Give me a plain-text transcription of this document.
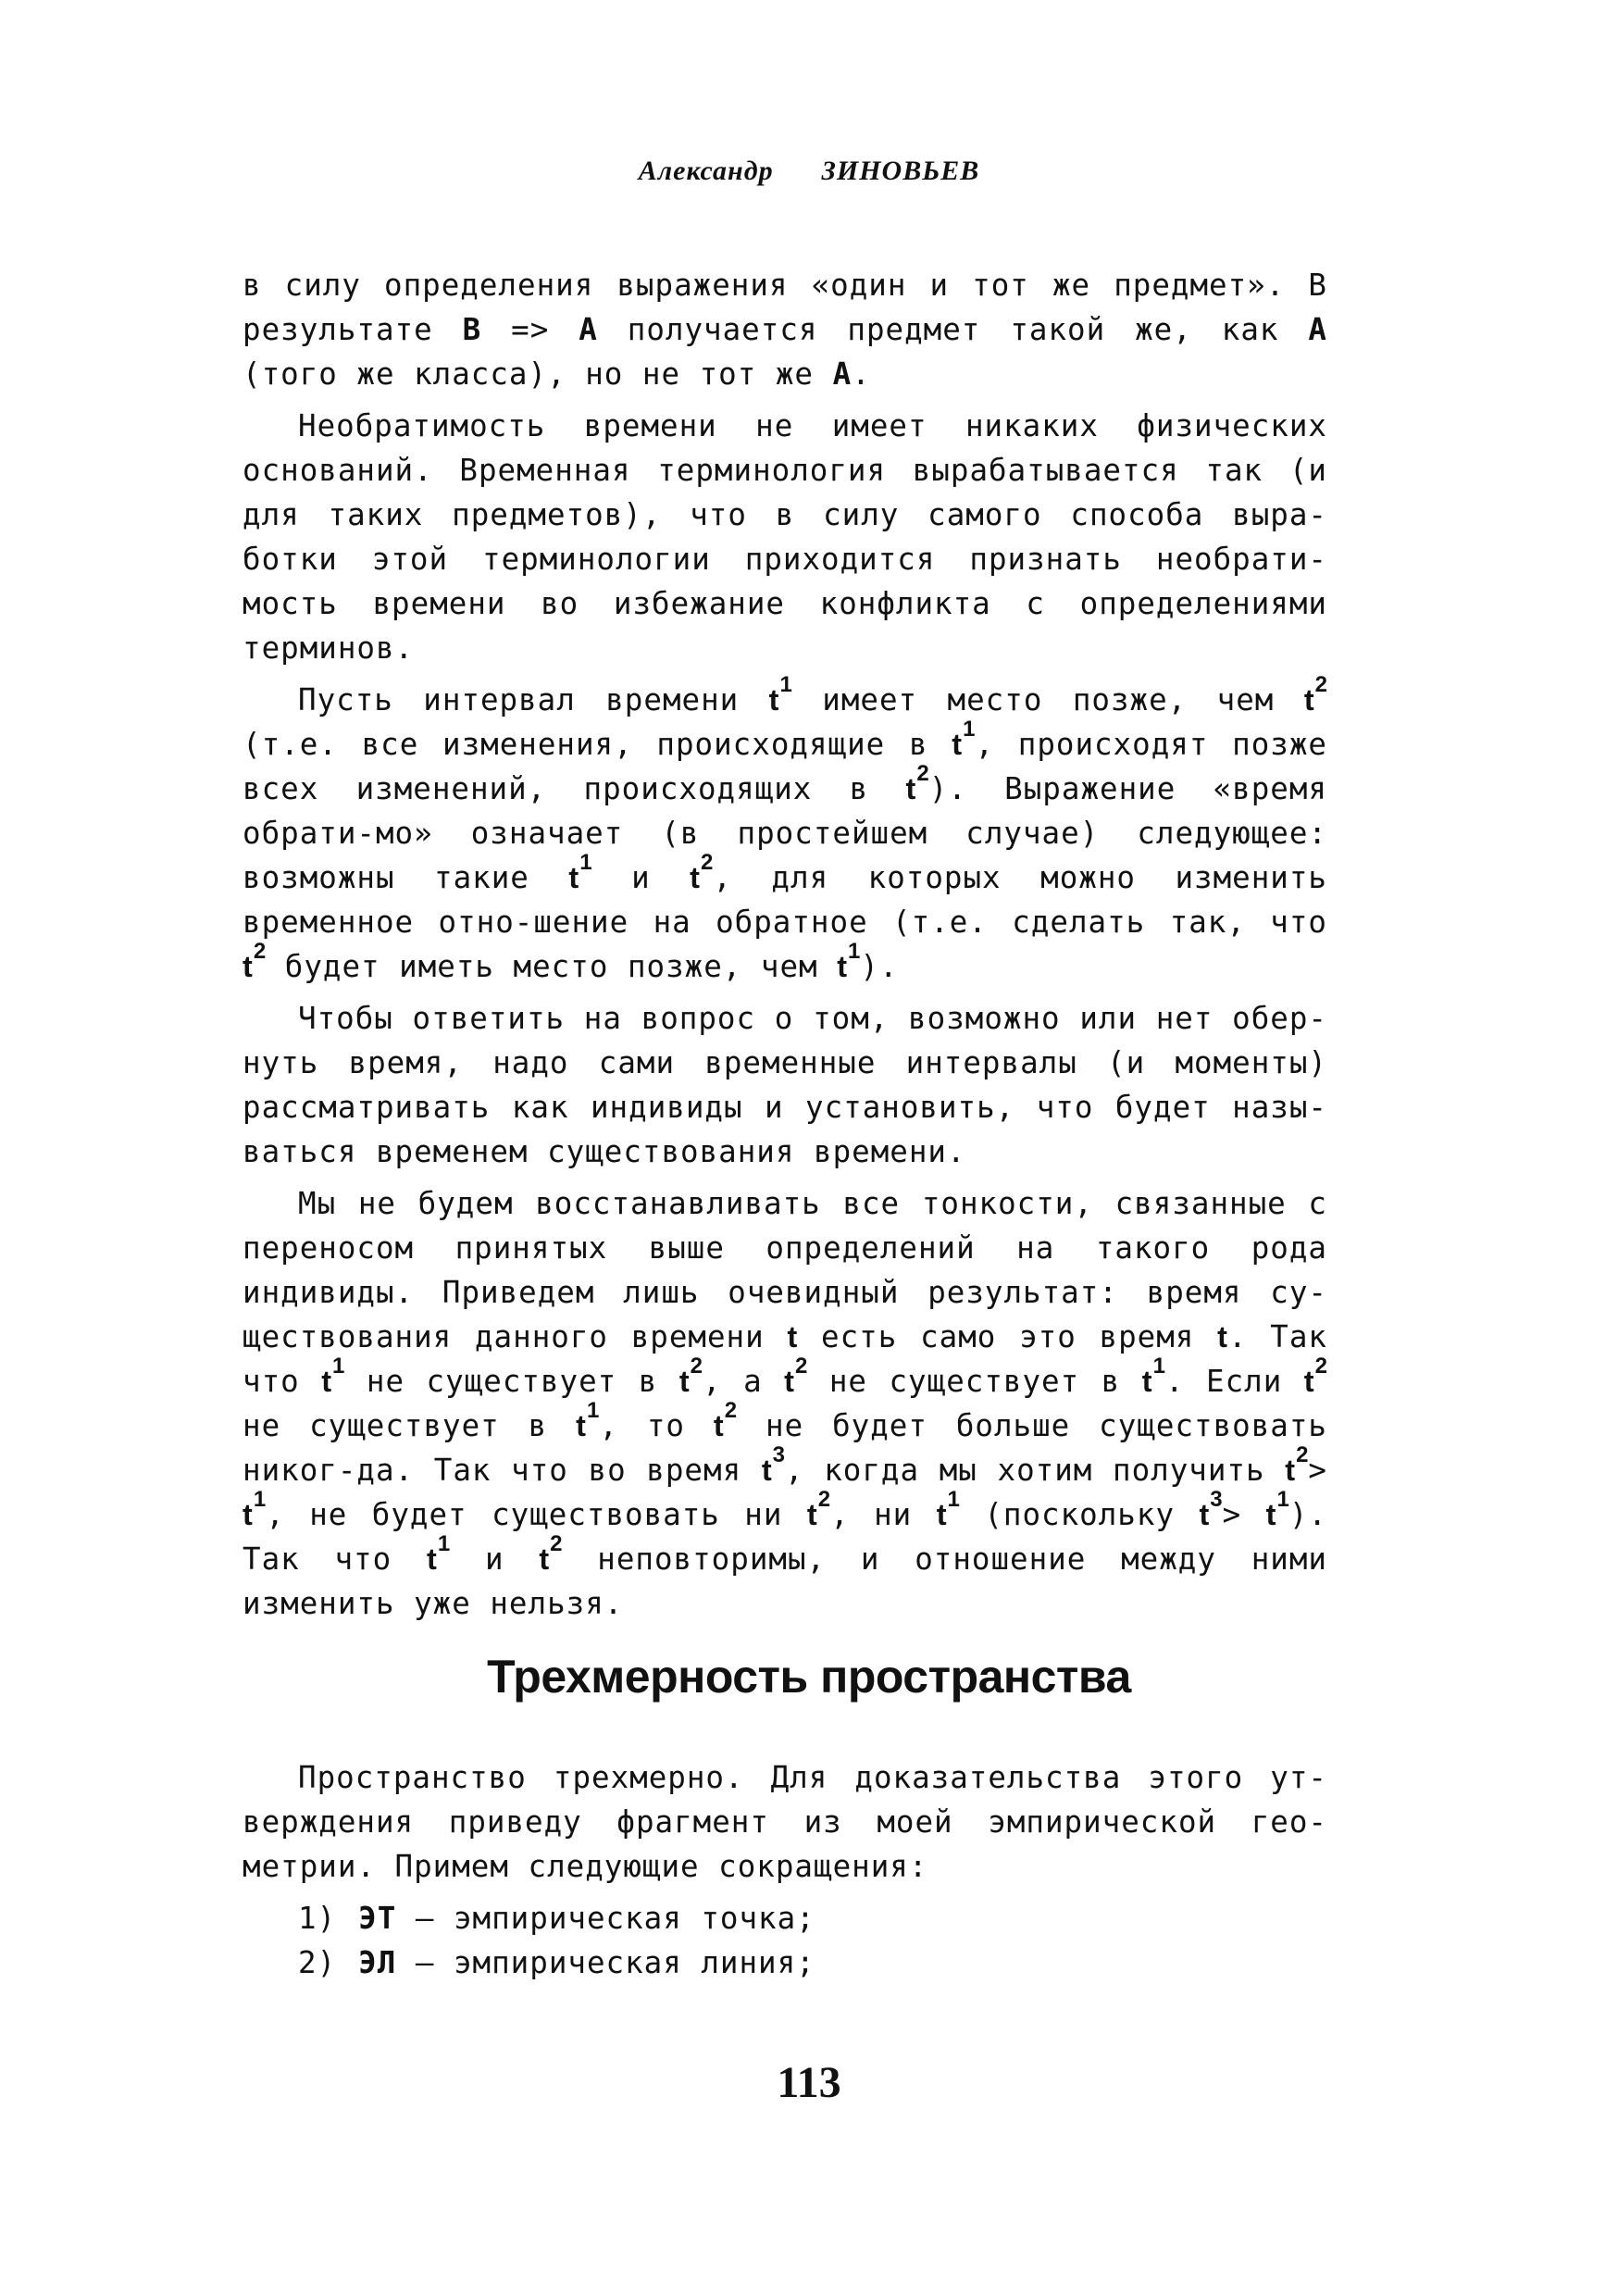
Александр ЗИНОВЬЕВ

в силу определения выражения «один и тот же предмет». В результате В => А получается предмет такой же, как А (того же класса), но не тот же А.

Необратимость времени не имеет никаких физических оснований. Временная терминология вырабатывается так (и для таких предметов), что в силу самого способа выра-ботки этой терминологии приходится признать необрати-мость времени во избежание конфликта с определениями терминов.

Пусть интервал времени $t^1$ имеет место позже, чем $t^2$ (т.е. все изменения, происходящие в $t^1$, происходят позже всех изменений, происходящих в $t^2$). Выражение «время обрати-мо» означает (в простейшем случае) следующее: возможны такие $t^1$ и $t^2$, для которых можно изменить временное отно-шение на обратное (т.е. сделать так, что $t^2$ будет иметь место позже, чем $t^1$).

Чтобы ответить на вопрос о том, возможно или нет обер-нуть время, надо сами временные интервалы (и моменты) рассматривать как индивиды и установить, что будет назы-ваться временем существования времени.

Мы не будем восстанавливать все тонкости, связанные с переносом принятых выше определений на такого рода индивиды. Приведем лишь очевидный результат: время су-ществования данного времени t есть само это время t. Так что $t^1$ не существует в $t^2$, а $t^2$ не существует в $t^1$. Если $t^2$ не существует в $t^1$, то $t^2$ не будет больше существовать никог-да. Так что во время $t^3$, когда мы хотим получить $t^2> t^1$, не будет существовать ни $t^2$, ни $t^1$ (поскольку $t^3> t^1$). Так что $t^1$ и $t^2$ неповторимы, и отношение между ними изменить уже нельзя.

Трехмерность пространства

Пространство трехмерно. Для доказательства этого ут-верждения приведу фрагмент из моей эмпирической гео-метрии. Примем следующие сокращения:

1) ЭТ — эмпирическая точка;
2) ЭЛ — эмпирическая линия;
113
